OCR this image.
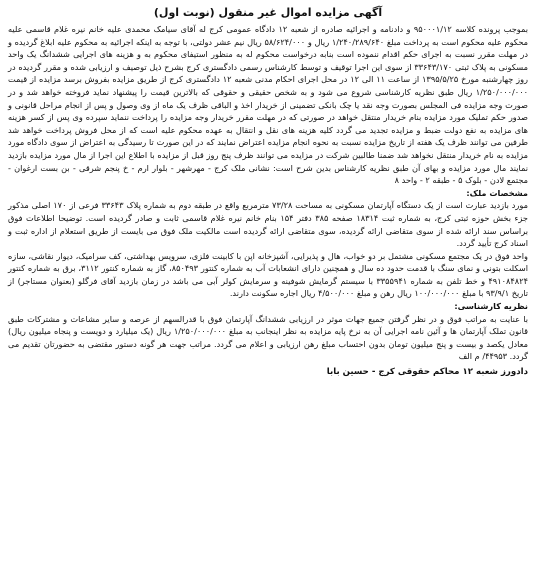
آگهی مزایده اموال غیر منقول (نوبت اول)

بموجب پرونده کلاسه ۹۵۰۰۰۱/۱۲ و دادنامه و اجرائیه صادره از شعبه ۱۲ دادگاه عمومی کرج له آقای سیامک محمدی علیه خانم نیره غلام قاسمی علیه محکوم علیه محکوم است به پرداخت مبلغ ۱/۲۴۰/۲۸۹/۶۴۰ ریال و ۵۸/۶۲۴/۰۰۰ ریال نیم عشر دولتی، با توجه به اینکه اجرائیه به محکوم علیه ابلاغ گردیده و در مهلت مقرر نسبت به اجرای حکم اقدام ننموده است بنابه درخواست محکوم له به منظور استیفای محکوم به و هزینه های اجرایی ششدانگ یک واحد مسکونی به پلاک ثبتی ۳۳۶۴۳/۱۷۰ از سوی این اجرا توقیف و توسط کارشناس رسمی دادگستری کرج بشرح ذیل توصیف و ارزیابی شده و مقرر گردیده در روز چهارشنبه مورخ ۱۳۹۵/۵/۲۵ از ساعت ۱۱ الی ۱۲ در محل اجرای احکام مدنی شعبه ۱۲ دادگستری کرج از طریق مزایده بفروش برسد مزایده از قیمت ۱/۲۵۰/۰۰۰/۰۰۰ ریال طبق نظریه کارشناسی شروع می شود و به شخص حقیقی و حقوقی که بالاترین قیمت را پیشنهاد نماید فروخته خواهد شد و در صورت وجه مزایده فی المجلس بصورت وجه نقد یا چک بانکی تضمینی از خریدار اخذ و الباقی ظرف یک ماه از وی وصول و پس از انجام مراحل قانونی و صدور حکم تملیک مورد مزایده بنام خریدار منتقل خواهد در صورتی که در مهلت مقرر خریدار وجه مزایده را پرداخت ننماید سپرده وی پس از کسر هزینه های مزایده به نفع دولت ضبط و مزایده تجدید می گردد کلیه هزینه های نقل و انتقال به عهده محکوم علیه است که از محل فروش پرداخت خواهد شد طرفین می توانند ظرف یک هفته از تاریخ مزایده نسبت به نحوه انجام مزایده اعتراض نمایند که در این صورت تا رسیدگی به اعتراض از سوی دادگاه مورد مزایده به نام خریدار منتقل نخواهد شد ضمنا طالبین شرکت در مزایده می توانند ظرف پنج روز قبل از مزایده با اطلاع این اجرا از مال مورد مزایده بازدید نمایند مال مورد مزایده و بهای آن طبق نظریه کارشناس بدین شرح است: نشانی ملک کرج - مهرشهر - بلوار ارم - خ پنجم شرقی - بن بست ارغوان - مجتمع لادن - بلوک ۵ - طبقه ۲ - واحد ۸

مشخصات ملک:

مورد بازدید عبارت است از یک دستگاه آپارتمان مسکونی به مساحت ۷۳/۲۸ مترمربع واقع در طبقه دوم به شماره پلاک ۳۳۶۴۳ فرعی از ۱۷۰ اصلی مذکور جزء بخش حوزه ثبتی کرج، به شماره ثبت ۱۸۳۱۴ صفحه ۳۸۵ دفتر ۱۵۴ بنام خانم نیره غلام قاسمی ثابت و صادر گردیده است. توضیحا اطلاعات فوق براساس سند ارائه شده از سوی متقاضی ارائه گردیده، سوی متقاضی ارائه گردیده است مالکیت ملک فوق می بایست از طریق استعلام از اداره ثبت و اسناد کرج تأیید گردد.

واحد فوق در یک مجتمع مسکونی مشتمل بر دو خواب، هال و پذیرایی، آشپزخانه اپن با کابینت فلزی، سرویس بهداشتی، کف سرامیک، دیوار نقاشی، سازه اسکلت بتونی و نمای سنگ با قدمت حدود ده سال و همچنین دارای انشعابات آب به شماره کنتور ۸۵۰۴۹۳، گاز به شماره کنتور ۳۱۱۲، برق به شماره کنتور ۴۹۱۰۸۴۸۲۴ و خط تلفن به شماره ۳۳۵۵۹۴۱ با سیستم گرمایش شوفینه و سرمایش کولر آبی می باشد در زمان بازدید آقای فرگلو (بعنوان مستاجر) از تاریخ ۹۳/۹/۱ با مبلغ ۱۰۰/۰۰۰/۰۰۰ ریال رهن و مبلغ ۴/۵۰۰/۰۰۰ ریال اجاره سکونت دارند.

نظریه کارشناسی:

با عنایت به مراتب فوق و در نظر گرفتن جمیع جهات موثر در ارزیابی ششدانگ آپارتمان فوق با قدرالسهم از عرصه و سایر مشاعات و مشترکات طبق قانون تملک آپارتمان ها و آئین نامه اجرایی آن به نرخ پایه مزایده به نظر اینجانب به مبلغ ۱/۲۵۰/۰۰۰/۰۰۰ ریال (یک میلیارد و دویست و پنجاه میلیون ریال) معادل یکصد و بیست و پنج میلیون تومان بدون احتساب مبلغ رهن ارزیابی و اعلام می گردد. مراتب جهت هر گونه دستور مقتضی به حضورتان تقدیم می گردد. ۴۴۹۵۳/ م الف

دادورز شعبه ۱۲ محاکم حقوقی کرج - حسین بابا
